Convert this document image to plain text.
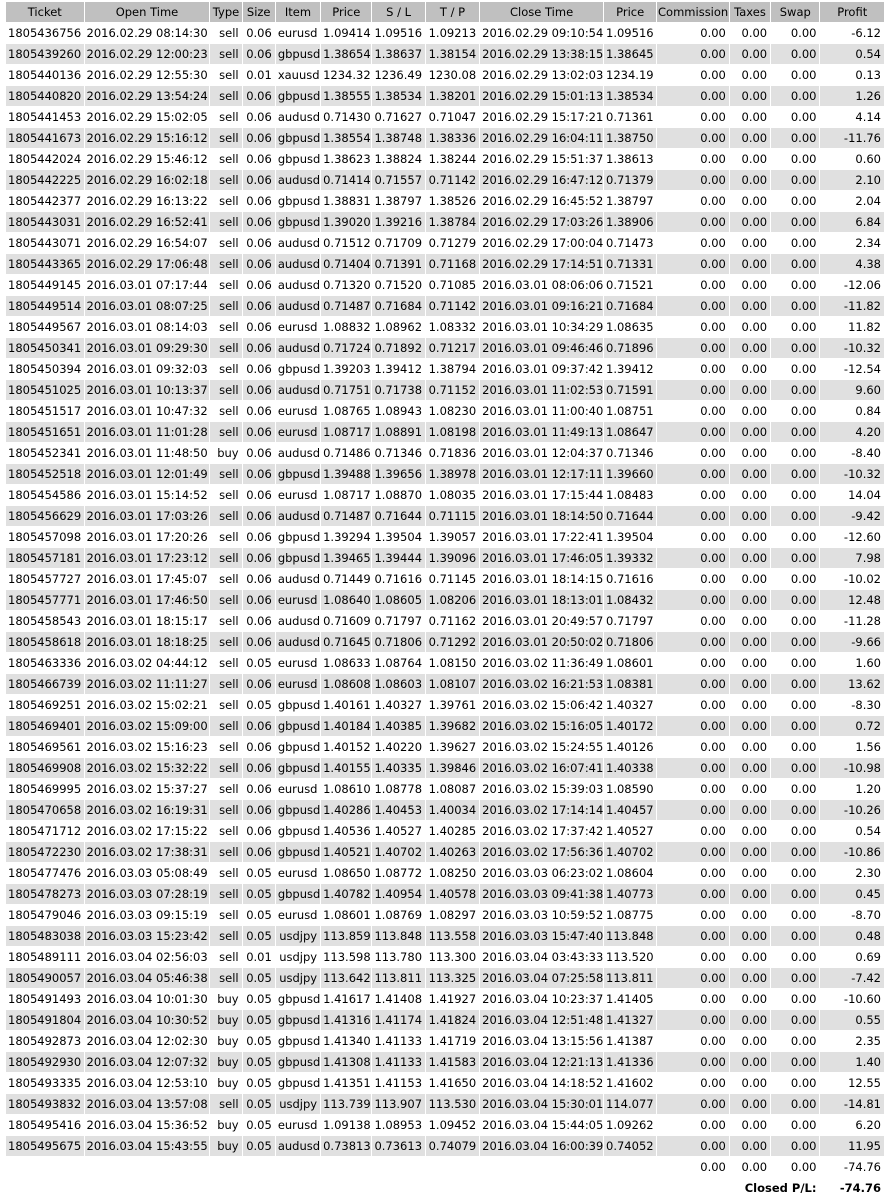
Ticket	Open Time	Type	Size	Item	Price	S / L	T / P	Close Time	Price	Commission	Taxes	Swap	Profit
1805436756	2016.02.29 08:14:30	sell	0.06	eurusd	1.09414	1.09516	1.09213	2016.02.29 09:10:54	1.09516	0.00	0.00	0.00	-6.12
1805439260	2016.02.29 12:00:23	sell	0.06	gbpusd	1.38654	1.38637	1.38154	2016.02.29 13:38:15	1.38645	0.00	0.00	0.00	0.54
1805440136	2016.02.29 12:55:30	sell	0.01	xauusd	1234.32	1236.49	1230.08	2016.02.29 13:02:03	1234.19	0.00	0.00	0.00	0.13
1805440820	2016.02.29 13:54:24	sell	0.06	gbpusd	1.38555	1.38534	1.38201	2016.02.29 15:01:13	1.38534	0.00	0.00	0.00	1.26
1805441453	2016.02.29 15:02:05	sell	0.06	audusd	0.71430	0.71627	0.71047	2016.02.29 15:17:21	0.71361	0.00	0.00	0.00	4.14
1805441673	2016.02.29 15:16:12	sell	0.06	gbpusd	1.38554	1.38748	1.38336	2016.02.29 16:04:11	1.38750	0.00	0.00	0.00	-11.76
1805442024	2016.02.29 15:46:12	sell	0.06	gbpusd	1.38623	1.38824	1.38244	2016.02.29 15:51:37	1.38613	0.00	0.00	0.00	0.60
1805442225	2016.02.29 16:02:18	sell	0.06	audusd	0.71414	0.71557	0.71142	2016.02.29 16:47:12	0.71379	0.00	0.00	0.00	2.10
1805442377	2016.02.29 16:13:22	sell	0.06	gbpusd	1.38831	1.38797	1.38526	2016.02.29 16:45:52	1.38797	0.00	0.00	0.00	2.04
1805443031	2016.02.29 16:52:41	sell	0.06	gbpusd	1.39020	1.39216	1.38784	2016.02.29 17:03:26	1.38906	0.00	0.00	0.00	6.84
1805443071	2016.02.29 16:54:07	sell	0.06	audusd	0.71512	0.71709	0.71279	2016.02.29 17:00:04	0.71473	0.00	0.00	0.00	2.34
1805443365	2016.02.29 17:06:48	sell	0.06	audusd	0.71404	0.71391	0.71168	2016.02.29 17:14:51	0.71331	0.00	0.00	0.00	4.38
1805449145	2016.03.01 07:17:44	sell	0.06	audusd	0.71320	0.71520	0.71085	2016.03.01 08:06:06	0.71521	0.00	0.00	0.00	-12.06
1805449514	2016.03.01 08:07:25	sell	0.06	audusd	0.71487	0.71684	0.71142	2016.03.01 09:16:21	0.71684	0.00	0.00	0.00	-11.82
1805449567	2016.03.01 08:14:03	sell	0.06	eurusd	1.08832	1.08962	1.08332	2016.03.01 10:34:29	1.08635	0.00	0.00	0.00	11.82
1805450341	2016.03.01 09:29:30	sell	0.06	audusd	0.71724	0.71892	0.71217	2016.03.01 09:46:46	0.71896	0.00	0.00	0.00	-10.32
1805450394	2016.03.01 09:32:03	sell	0.06	gbpusd	1.39203	1.39412	1.38794	2016.03.01 09:37:42	1.39412	0.00	0.00	0.00	-12.54
1805451025	2016.03.01 10:13:37	sell	0.06	audusd	0.71751	0.71738	0.71152	2016.03.01 11:02:53	0.71591	0.00	0.00	0.00	9.60
1805451517	2016.03.01 10:47:32	sell	0.06	eurusd	1.08765	1.08943	1.08230	2016.03.01 11:00:40	1.08751	0.00	0.00	0.00	0.84
1805451651	2016.03.01 11:01:28	sell	0.06	eurusd	1.08717	1.08891	1.08198	2016.03.01 11:49:13	1.08647	0.00	0.00	0.00	4.20
1805452341	2016.03.01 11:48:50	buy	0.06	audusd	0.71486	0.71346	0.71836	2016.03.01 12:04:37	0.71346	0.00	0.00	0.00	-8.40
1805452518	2016.03.01 12:01:49	sell	0.06	gbpusd	1.39488	1.39656	1.38978	2016.03.01 12:17:11	1.39660	0.00	0.00	0.00	-10.32
1805454586	2016.03.01 15:14:52	sell	0.06	eurusd	1.08717	1.08870	1.08035	2016.03.01 17:15:44	1.08483	0.00	0.00	0.00	14.04
1805456629	2016.03.01 17:03:26	sell	0.06	audusd	0.71487	0.71644	0.71115	2016.03.01 18:14:50	0.71644	0.00	0.00	0.00	-9.42
1805457098	2016.03.01 17:20:26	sell	0.06	gbpusd	1.39294	1.39504	1.39057	2016.03.01 17:22:41	1.39504	0.00	0.00	0.00	-12.60
1805457181	2016.03.01 17:23:12	sell	0.06	gbpusd	1.39465	1.39444	1.39096	2016.03.01 17:46:05	1.39332	0.00	0.00	0.00	7.98
1805457727	2016.03.01 17:45:07	sell	0.06	audusd	0.71449	0.71616	0.71145	2016.03.01 18:14:15	0.71616	0.00	0.00	0.00	-10.02
1805457771	2016.03.01 17:46:50	sell	0.06	eurusd	1.08640	1.08605	1.08206	2016.03.01 18:13:01	1.08432	0.00	0.00	0.00	12.48
1805458543	2016.03.01 18:15:17	sell	0.06	audusd	0.71609	0.71797	0.71162	2016.03.01 20:49:57	0.71797	0.00	0.00	0.00	-11.28
1805458618	2016.03.01 18:18:25	sell	0.06	audusd	0.71645	0.71806	0.71292	2016.03.01 20:50:02	0.71806	0.00	0.00	0.00	-9.66
1805463336	2016.03.02 04:44:12	sell	0.05	eurusd	1.08633	1.08764	1.08150	2016.03.02 11:36:49	1.08601	0.00	0.00	0.00	1.60
1805466739	2016.03.02 11:11:27	sell	0.06	eurusd	1.08608	1.08603	1.08107	2016.03.02 16:21:53	1.08381	0.00	0.00	0.00	13.62
1805469251	2016.03.02 15:02:21	sell	0.05	gbpusd	1.40161	1.40327	1.39761	2016.03.02 15:06:42	1.40327	0.00	0.00	0.00	-8.30
1805469401	2016.03.02 15:09:00	sell	0.06	gbpusd	1.40184	1.40385	1.39682	2016.03.02 15:16:05	1.40172	0.00	0.00	0.00	0.72
1805469561	2016.03.02 15:16:23	sell	0.06	gbpusd	1.40152	1.40220	1.39627	2016.03.02 15:24:55	1.40126	0.00	0.00	0.00	1.56
1805469908	2016.03.02 15:32:22	sell	0.06	gbpusd	1.40155	1.40335	1.39846	2016.03.02 16:07:41	1.40338	0.00	0.00	0.00	-10.98
1805469995	2016.03.02 15:37:27	sell	0.06	eurusd	1.08610	1.08778	1.08087	2016.03.02 15:39:03	1.08590	0.00	0.00	0.00	1.20
1805470658	2016.03.02 16:19:31	sell	0.06	gbpusd	1.40286	1.40453	1.40034	2016.03.02 17:14:14	1.40457	0.00	0.00	0.00	-10.26
1805471712	2016.03.02 17:15:22	sell	0.06	gbpusd	1.40536	1.40527	1.40285	2016.03.02 17:37:42	1.40527	0.00	0.00	0.00	0.54
1805472230	2016.03.02 17:38:31	sell	0.06	gbpusd	1.40521	1.40702	1.40263	2016.03.02 17:56:36	1.40702	0.00	0.00	0.00	-10.86
1805477476	2016.03.03 05:08:49	sell	0.05	eurusd	1.08650	1.08772	1.08250	2016.03.03 06:23:02	1.08604	0.00	0.00	0.00	2.30
1805478273	2016.03.03 07:28:19	sell	0.05	gbpusd	1.40782	1.40954	1.40578	2016.03.03 09:41:38	1.40773	0.00	0.00	0.00	0.45
1805479046	2016.03.03 09:15:19	sell	0.05	eurusd	1.08601	1.08769	1.08297	2016.03.03 10:59:52	1.08775	0.00	0.00	0.00	-8.70
1805483038	2016.03.03 15:23:42	sell	0.05	usdjpy	113.859	113.848	113.558	2016.03.03 15:47:40	113.848	0.00	0.00	0.00	0.48
1805489111	2016.03.04 02:56:03	sell	0.01	usdjpy	113.598	113.780	113.300	2016.03.04 03:43:33	113.520	0.00	0.00	0.00	0.69
1805490057	2016.03.04 05:46:38	sell	0.05	usdjpy	113.642	113.811	113.325	2016.03.04 07:25:58	113.811	0.00	0.00	0.00	-7.42
1805491493	2016.03.04 10:01:30	buy	0.05	gbpusd	1.41617	1.41408	1.41927	2016.03.04 10:23:37	1.41405	0.00	0.00	0.00	-10.60
1805491804	2016.03.04 10:30:52	buy	0.05	gbpusd	1.41316	1.41174	1.41824	2016.03.04 12:51:48	1.41327	0.00	0.00	0.00	0.55
1805492873	2016.03.04 12:02:30	buy	0.05	gbpusd	1.41340	1.41133	1.41719	2016.03.04 13:15:56	1.41387	0.00	0.00	0.00	2.35
1805492930	2016.03.04 12:07:32	buy	0.05	gbpusd	1.41308	1.41133	1.41583	2016.03.04 12:21:13	1.41336	0.00	0.00	0.00	1.40
1805493335	2016.03.04 12:53:10	buy	0.05	gbpusd	1.41351	1.41153	1.41650	2016.03.04 14:18:52	1.41602	0.00	0.00	0.00	12.55
1805493832	2016.03.04 13:57:08	sell	0.05	usdjpy	113.739	113.907	113.530	2016.03.04 15:30:01	114.077	0.00	0.00	0.00	-14.81
1805495416	2016.03.04 15:36:52	buy	0.05	eurusd	1.09138	1.08953	1.09452	2016.03.04 15:44:05	1.09262	0.00	0.00	0.00	6.20
1805495675	2016.03.04 15:43:55	buy	0.05	audusd	0.73813	0.73613	0.74079	2016.03.04 16:00:39	0.74052	0.00	0.00	0.00	11.95
										0.00	0.00	0.00	-74.76
										Closed P/L:			-74.76
